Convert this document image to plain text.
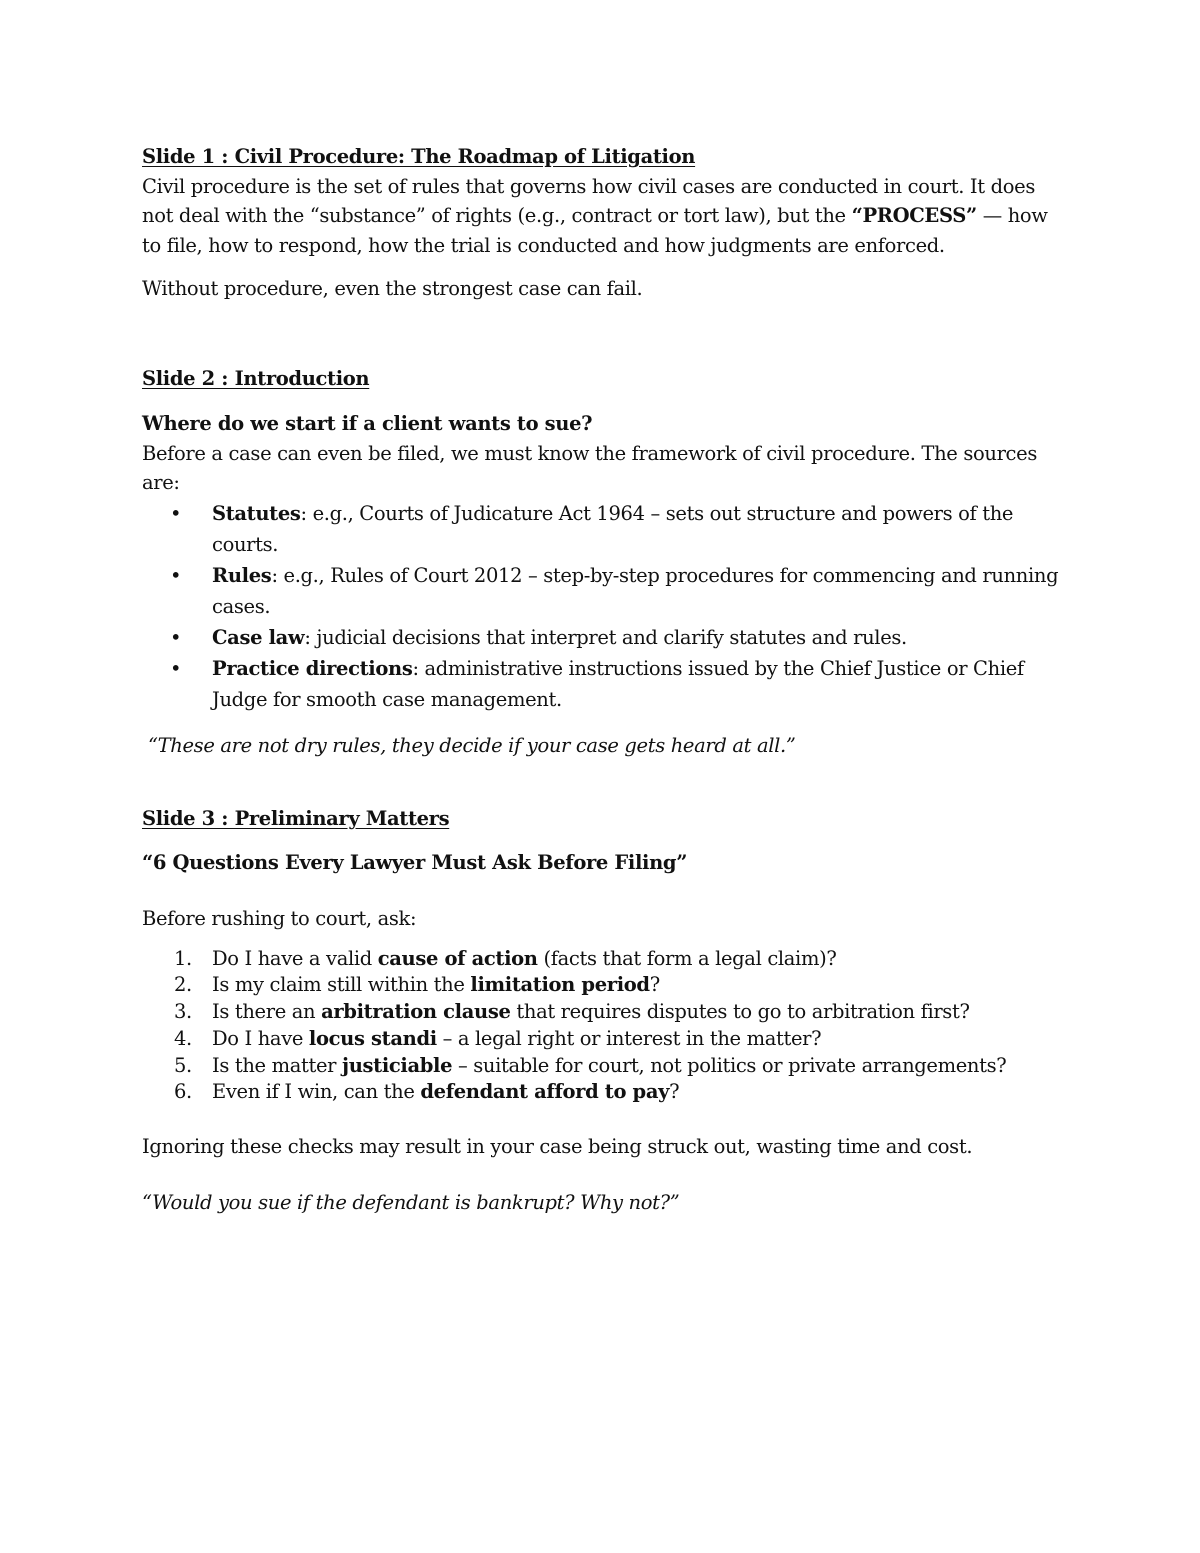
Slide 1 : Civil Procedure: The Roadmap of Litigation

Civil procedure is the set of rules that governs how civil cases are conducted in court. It does not deal with the “substance” of rights (e.g., contract or tort law), but the “PROCESS” — how to file, how to respond, how the trial is conducted and how judgments are enforced.

Without procedure, even the strongest case can fail.

Slide 2 : Introduction

Where do we start if a client wants to sue?

Before a case can even be filed, we must know the framework of civil procedure. The sources are:

• Statutes: e.g., Courts of Judicature Act 1964 – sets out structure and powers of the courts.
• Rules: e.g., Rules of Court 2012 – step-by-step procedures for commencing and running cases.
• Case law: judicial decisions that interpret and clarify statutes and rules.
• Practice directions: administrative instructions issued by the Chief Justice or Chief Judge for smooth case management.

“These are not dry rules, they decide if your case gets heard at all.”

Slide 3 : Preliminary Matters

“6 Questions Every Lawyer Must Ask Before Filing”

Before rushing to court, ask:

1. Do I have a valid cause of action (facts that form a legal claim)?
2. Is my claim still within the limitation period?
3. Is there an arbitration clause that requires disputes to go to arbitration first?
4. Do I have locus standi – a legal right or interest in the matter?
5. Is the matter justiciable – suitable for court, not politics or private arrangements?
6. Even if I win, can the defendant afford to pay?

Ignoring these checks may result in your case being struck out, wasting time and cost.

“Would you sue if the defendant is bankrupt? Why not?”
